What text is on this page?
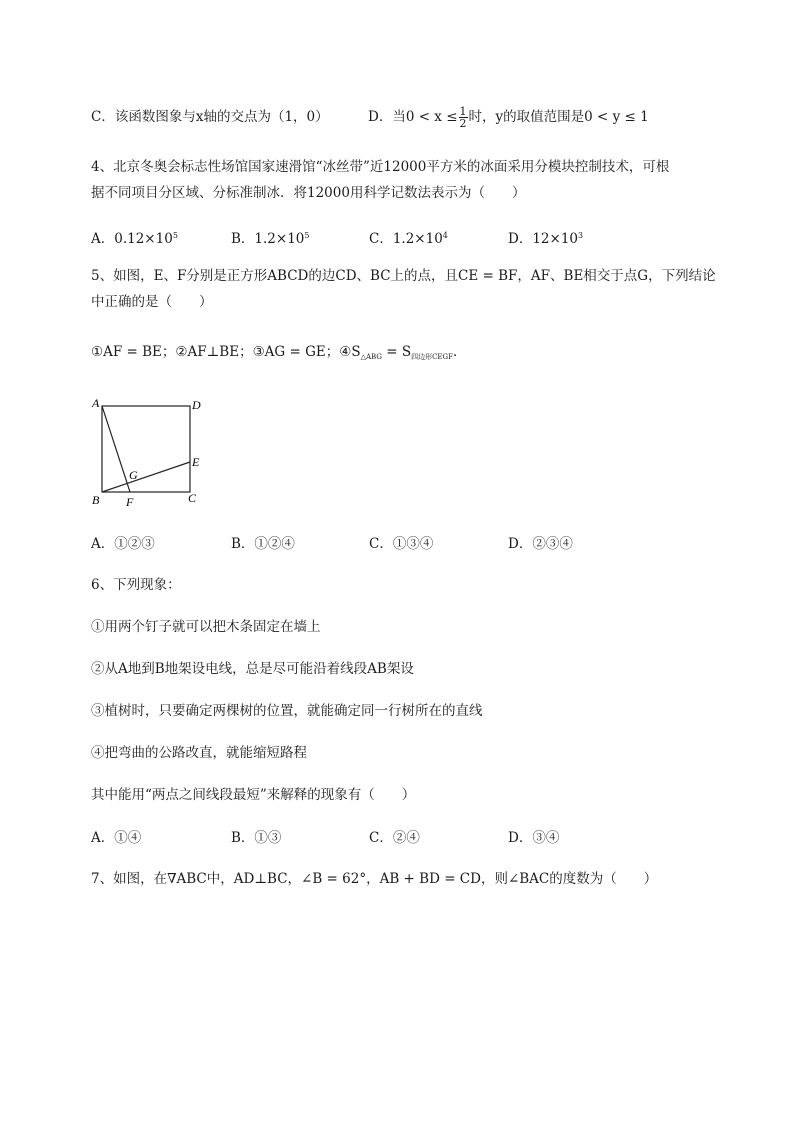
C．该函数图象与x轴的交点为（1，0）	D．当$0 < x \le \frac{1}{2}$ 时，y的取值范围是0 < y ≤ 1
4、北京冬奥会标志性场馆国家速滑馆“冰丝带”近12000平方米的冰面采用分模块控制技术，可根
据不同项目分区域、分标准制冰．将12000用科学记数法表示为（　　）
A．$0.12\times 10^5$	B．$1.2\times 10^5$	C．$1.2\times 10^4$	D．$12\times 10^3$
5、如图，E、F分别是正方形ABCD的边CD、BC上的点，且CE = BF，AF、BE相交于点G，下列结论
中正确的是（　　）
①AF = BE；②AF⊥BE；③AG = GE；$④S_{\triangle ABG} = S_{四边形CEGF}$．
A	D
E
C
B F
G
A．①②③	B．①②④	C．①③④	D．②③④
6、下列现象：
①用两个钉子就可以把木条固定在墙上
②从A地到B地架设电线，总是尽可能沿着线段AB架设
③植树时，只要确定两棵树的位置，就能确定同一行树所在的直线
④把弯曲的公路改直，就能缩短路程
其中能用“两点之间线段最短”来解释的现象有（　　）
A．①④	B．①③	C．②④	D．③④
7、如图，在∇ABC中，AD⊥BC，∠B = 62°，AB + BD = CD，则∠BAC的度数为（　　）
